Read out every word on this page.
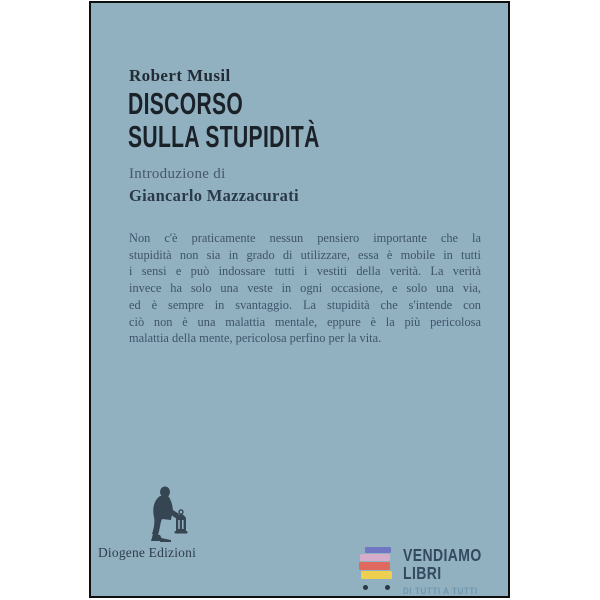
Robert Musil
DISCORSO
SULLA STUPIDITÀ
Introduzione di
Giancarlo Mazzacurati
Non c'è praticamente nessun pensiero importante che la
stupidità non sia in grado di utilizzare, essa è mobile in tutti
i sensi e può indossare tutti i vestiti della verità. La verità
invece ha solo una veste in ogni occasione, e solo una via,
ed è sempre in svantaggio. La stupidità che s'intende con
ciò non è una malattia mentale, eppure è la più pericolosa
malattia della mente, pericolosa perfino per la vita.
Diogene Edizioni	VENDIAMO
LIBRI
DI TUTTI A TUTTI
